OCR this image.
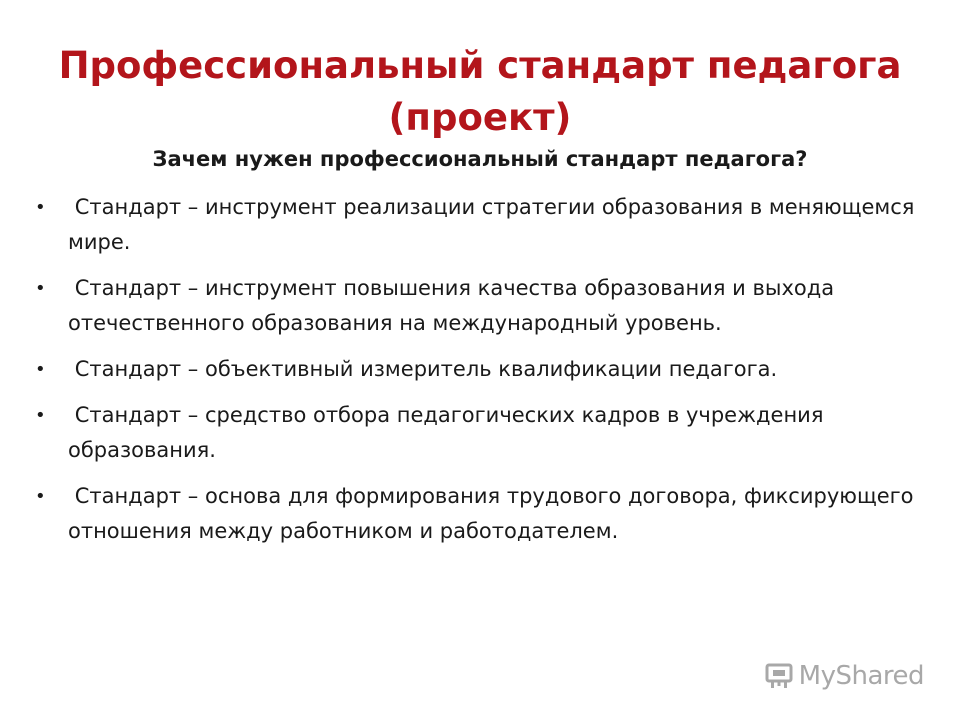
Профессиональный стандарт педагога (проект)

Зачем нужен профессиональный стандарт педагога?

• Стандарт – инструмент реализации стратегии образования в меняющемся мире.
• Стандарт – инструмент повышения качества образования и выхода отечественного образования на международный уровень.
• Стандарт – объективный измеритель квалификации педагога.
• Стандарт – средство отбора педагогических кадров в учреждения образования.
• Стандарт – основа для формирования трудового договора, фиксирующего отношения между работником и работодателем.
MyShared
